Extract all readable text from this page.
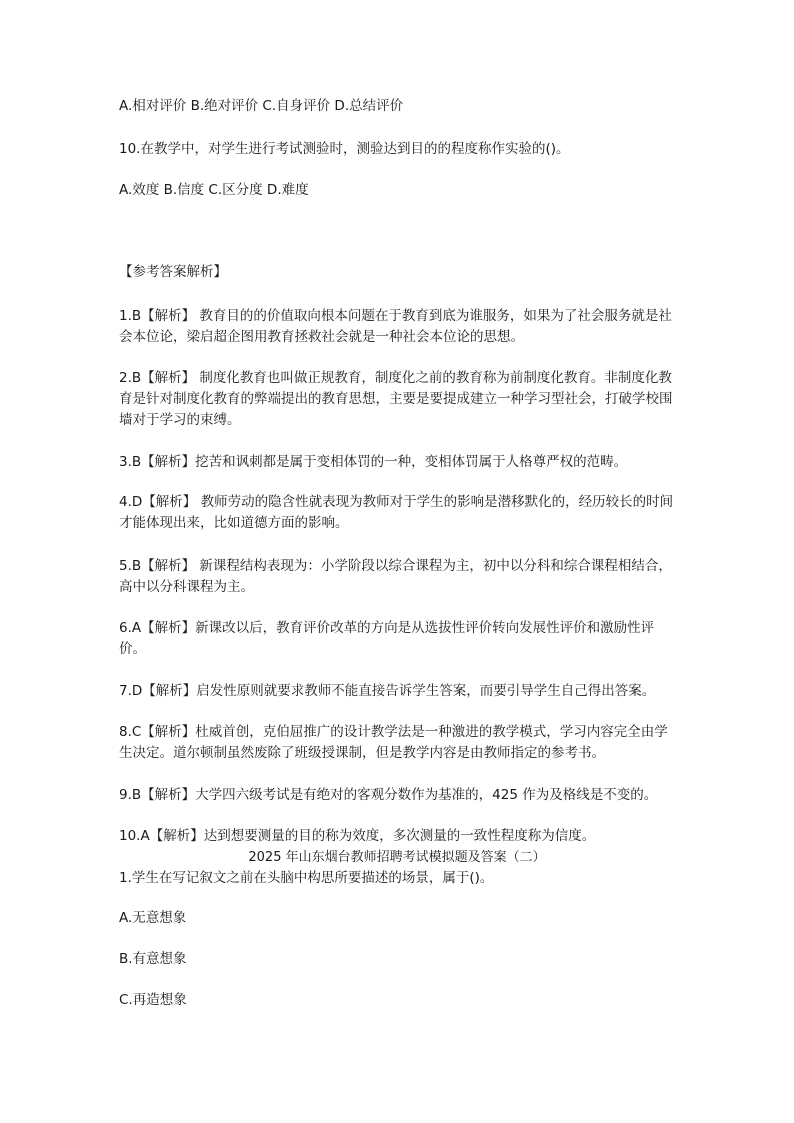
A.相对评价 B.绝对评价 C.自身评价 D.总结评价

10.在教学中，对学生进行考试测验时，测验达到目的的程度称作实验的()。

A.效度 B.信度 C.区分度 D.难度

【参考答案解析】

1.B【解析】 教育目的的价值取向根本问题在于教育到底为谁服务，如果为了社会服务就是社会本位论，梁启超企图用教育拯救社会就是一种社会本位论的思想。

2.B【解析】 制度化教育也叫做正规教育，制度化之前的教育称为前制度化教育。非制度化教育是针对制度化教育的弊端提出的教育思想，主要是要提成建立一种学习型社会，打破学校围墙对于学习的束缚。

3.B【解析】挖苦和讽刺都是属于变相体罚的一种，变相体罚属于人格尊严权的范畴。

4.D【解析】 教师劳动的隐含性就表现为教师对于学生的影响是潜移默化的，经历较长的时间才能体现出来，比如道德方面的影响。

5.B【解析】 新课程结构表现为：小学阶段以综合课程为主，初中以分科和综合课程相结合，高中以分科课程为主。

6.A【解析】新课改以后，教育评价改革的方向是从选拔性评价转向发展性评价和激励性评价。

7.D【解析】启发性原则就要求教师不能直接告诉学生答案，而要引导学生自己得出答案。

8.C【解析】杜威首创，克伯屈推广的设计教学法是一种激进的教学模式，学习内容完全由学生决定。道尔顿制虽然废除了班级授课制，但是教学内容是由教师指定的参考书。

9.B【解析】大学四六级考试是有绝对的客观分数作为基准的，425 作为及格线是不变的。

10.A【解析】达到想要测量的目的称为效度，多次测量的一致性程度称为信度。

2025 年山东烟台教师招聘考试模拟题及答案（二）

1.学生在写记叙文之前在头脑中构思所要描述的场景，属于()。

A.无意想象

B.有意想象

C.再造想象
